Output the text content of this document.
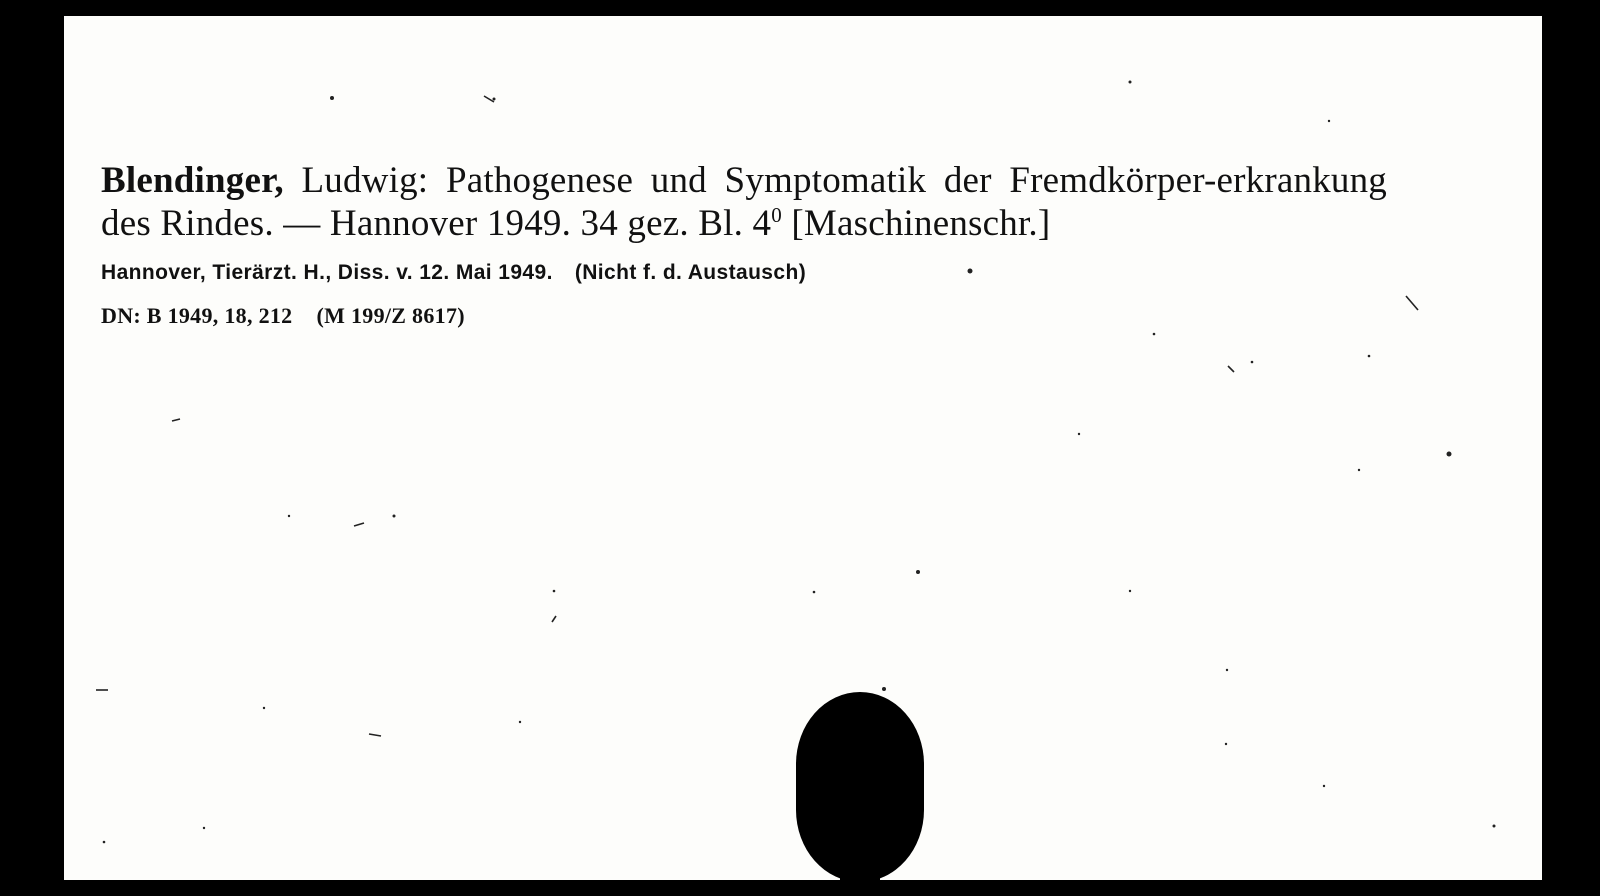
Blendinger, Ludwig: Pathogenese und Symptomatik der Fremdkörper-erkrankung des Rindes. — Hannover 1949. 34 gez. Bl. $4^0$ [Maschinenschr.]

Hannover, Tierärzt. H., Diss. v. 12. Mai 1949. (Nicht f. d. Austausch)
DN: B 1949, 18, 212 (M 199/Z 8617)
